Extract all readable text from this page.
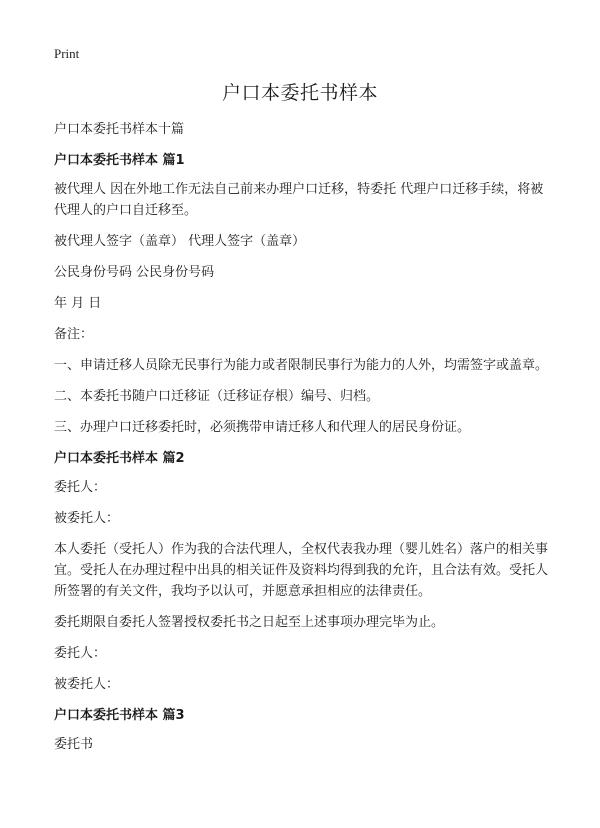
Print
户口本委托书样本

户口本委托书样本十篇

户口本委托书样本 篇1

被代理人 因在外地工作无法自己前来办理户口迁移，特委托 代理户口迁移手续，将被代理人的户口自迁移至。

被代理人签字（盖章） 代理人签字（盖章）

公民身份号码 公民身份号码

年 月 日

备注：

一、申请迁移人员除无民事行为能力或者限制民事行为能力的人外，均需签字或盖章。

二、本委托书随户口迁移证（迁移证存根）编号、归档。

三、办理户口迁移委托时，必须携带申请迁移人和代理人的居民身份证。

户口本委托书样本 篇2

委托人：

被委托人：

本人委托（受托人）作为我的合法代理人，全权代表我办理（婴儿姓名）落户的相关事宜。受托人在办理过程中出具的相关证件及资料均得到我的允许，且合法有效。受托人所签署的有关文件，我均予以认可，并愿意承担相应的法律责任。

委托期限自委托人签署授权委托书之日起至上述事项办理完毕为止。

委托人：

被委托人：

户口本委托书样本 篇3

委托书
